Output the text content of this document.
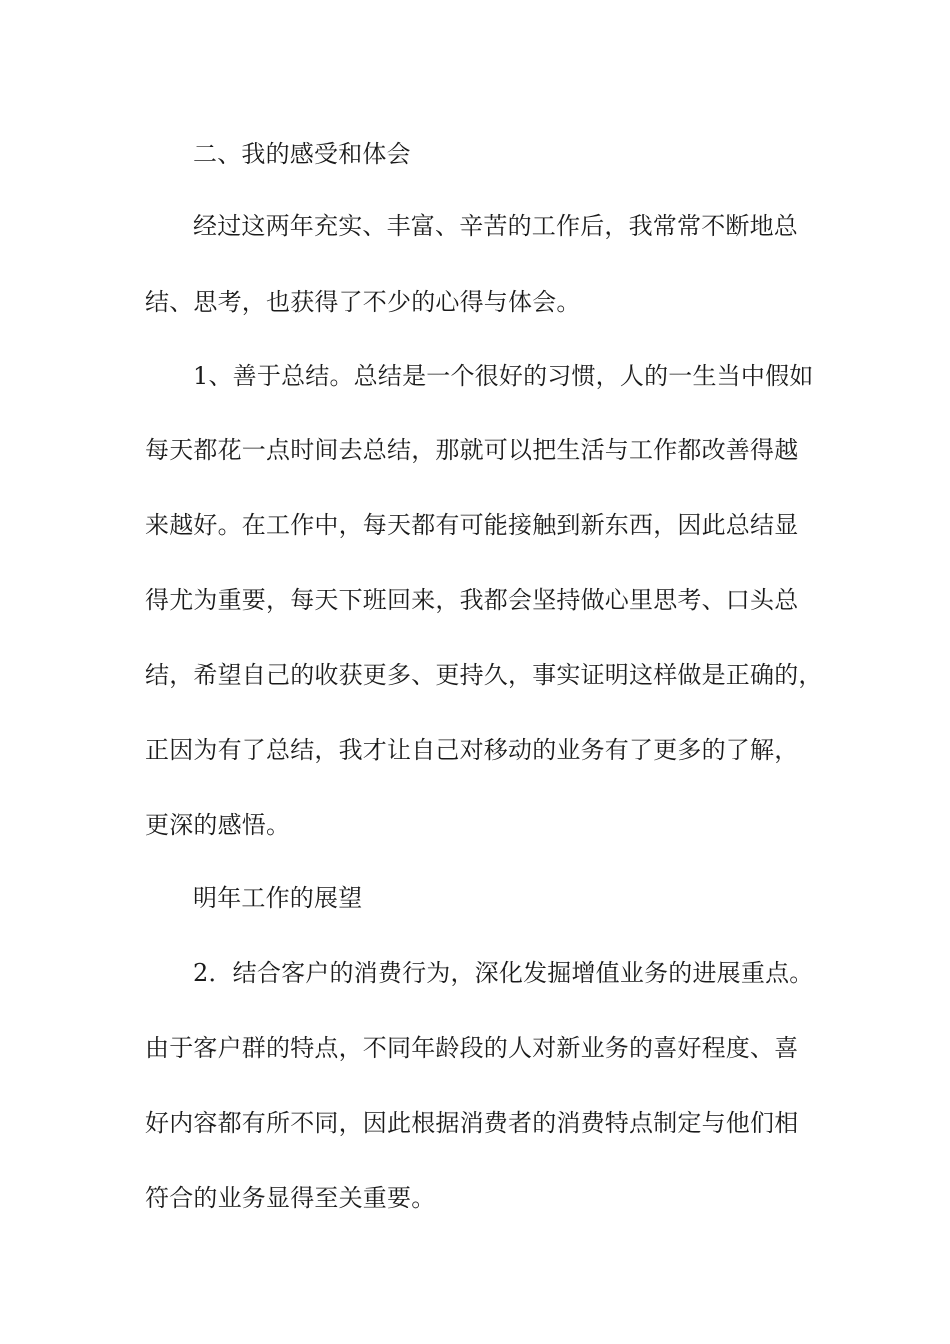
二、我的感受和体会
经过这两年充实、丰富、辛苦的工作后，我常常不断地总
结、思考，也获得了不少的心得与体会。
1、善于总结。总结是一个很好的习惯，人的一生当中假如
每天都花一点时间去总结，那就可以把生活与工作都改善得越
来越好。在工作中，每天都有可能接触到新东西，因此总结显
得尤为重要，每天下班回来，我都会坚持做心里思考、口头总
结，希望自己的收获更多、更持久，事实证明这样做是正确的，
正因为有了总结，我才让自己对移动的业务有了更多的了解，
更深的感悟。
明年工作的展望
2．结合客户的消费行为，深化发掘增值业务的进展重点。
由于客户群的特点，不同年龄段的人对新业务的喜好程度、喜
好内容都有所不同，因此根据消费者的消费特点制定与他们相
符合的业务显得至关重要。
